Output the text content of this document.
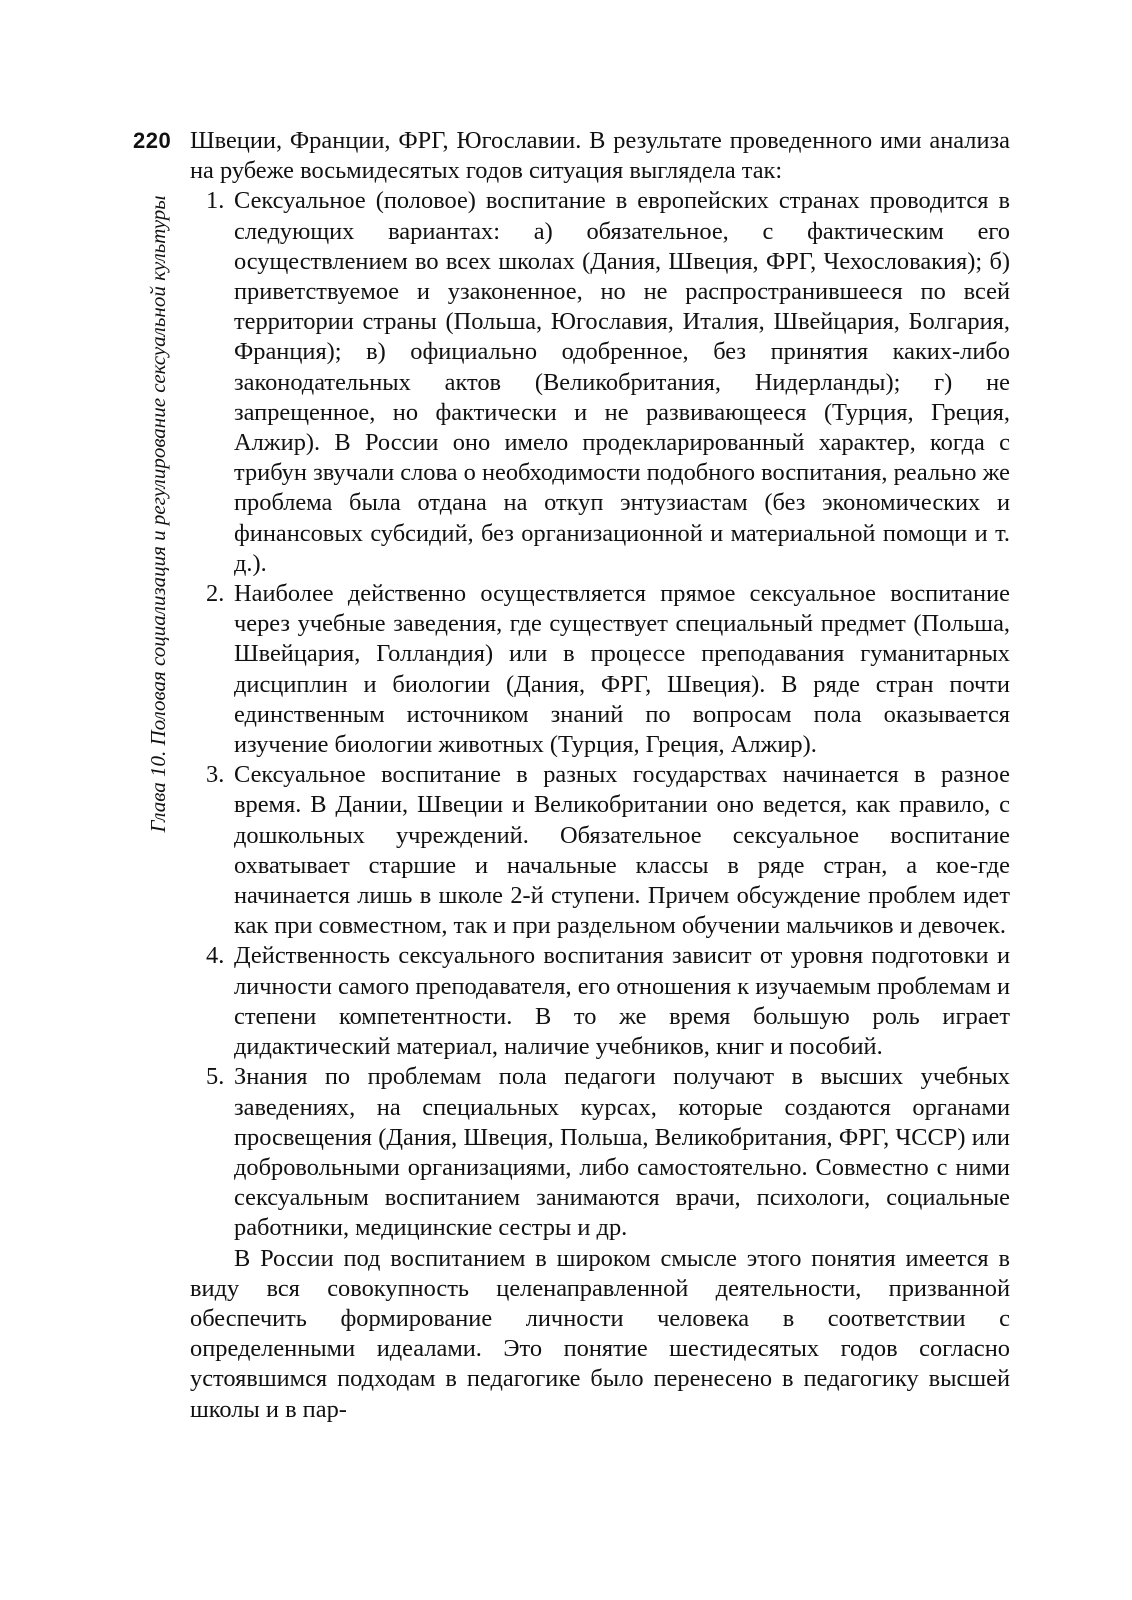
220
Глава 10. Половая социализация и регулирование сексуальной культуры

Швеции, Франции, ФРГ, Югославии. В результате проведенного ими анализа на рубеже восьмидесятых годов ситуация выглядела так:

1. Сексуальное (половое) воспитание в европейских странах проводится в следующих вариантах: а) обязательное, с фактическим его осуществлением во всех школах (Дания, Швеция, ФРГ, Чехословакия); б) приветствуемое и узаконенное, но не распространившееся по всей территории страны (Польша, Югославия, Италия, Швейцария, Болгария, Франция); в) официально одобренное, без принятия каких-либо законодательных актов (Великобритания, Нидерланды); г) не запрещенное, но фактически и не развивающееся (Турция, Греция, Алжир). В России оно имело продекларированный характер, когда с трибун звучали слова о необходимости подобного воспитания, реально же проблема была отдана на откуп энтузиастам (без экономических и финансовых субсидий, без организационной и материальной помощи и т. д.).
2. Наиболее действенно осуществляется прямое сексуальное воспитание через учебные заведения, где существует специальный предмет (Польша, Швейцария, Голландия) или в процессе преподавания гуманитарных дисциплин и биологии (Дания, ФРГ, Швеция). В ряде стран почти единственным источником знаний по вопросам пола оказывается изучение биологии животных (Турция, Греция, Алжир).
3. Сексуальное воспитание в разных государствах начинается в разное время. В Дании, Швеции и Великобритании оно ведется, как правило, с дошкольных учреждений. Обязательное сексуальное воспитание охватывает старшие и начальные классы в ряде стран, а кое-где начинается лишь в школе 2-й ступени. Причем обсуждение проблем идет как при совместном, так и при раздельном обучении мальчиков и девочек.
4. Действенность сексуального воспитания зависит от уровня подготовки и личности самого преподавателя, его отношения к изучаемым проблемам и степени компетентности. В то же время большую роль играет дидактический материал, наличие учебников, книг и пособий.
5. Знания по проблемам пола педагоги получают в высших учебных заведениях, на специальных курсах, которые создаются органами просвещения (Дания, Швеция, Польша, Великобритания, ФРГ, ЧССР) или добровольными организациями, либо самостоятельно. Совместно с ними сексуальным воспитанием занимаются врачи, психологи, социальные работники, медицинские сестры и др.

В России под воспитанием в широком смысле этого понятия имеется в виду вся совокупность целенаправленной деятельности, призванной обеспечить формирование личности человека в соответствии с определенными идеалами. Это понятие шестидесятых годов согласно устоявшимся подходам в педагогике было перенесено в педагогику высшей школы и в пар-
